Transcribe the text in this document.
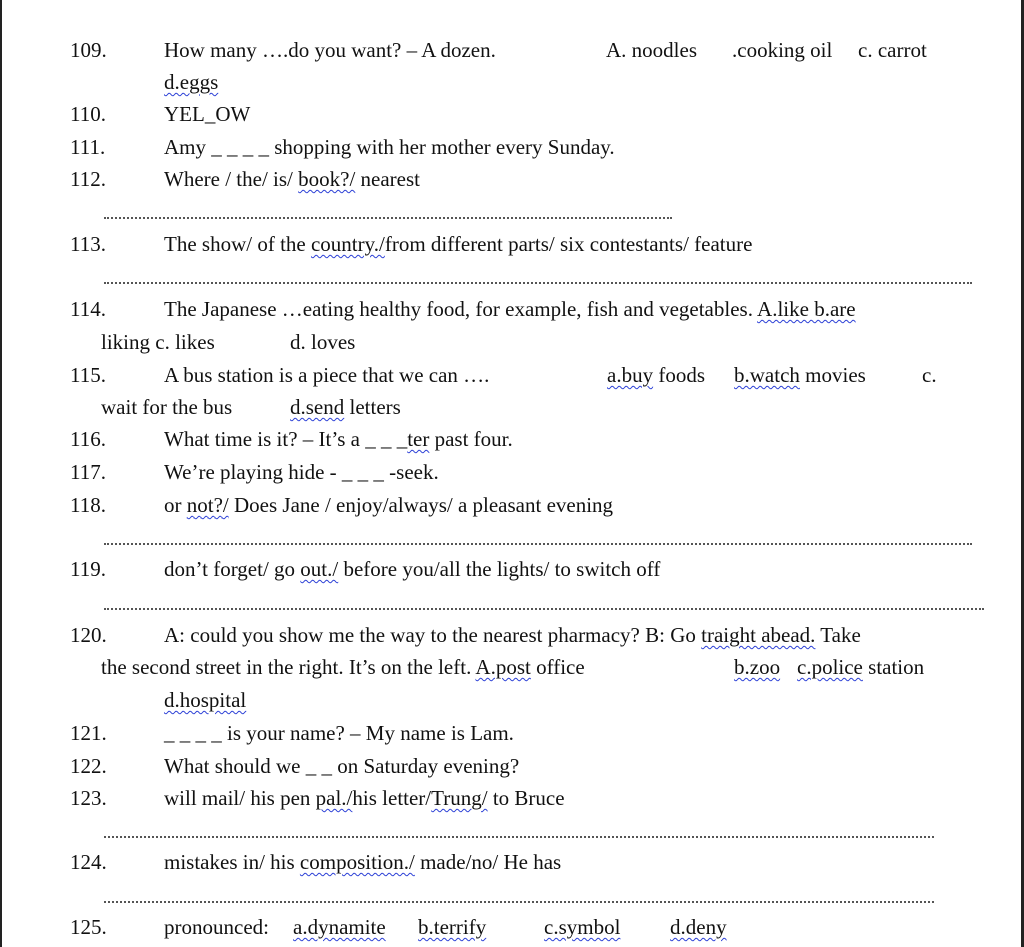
109.	How many ….do you want? – A dozen.	A. noodles .cooking oil c. carrot
d.eggs
110.	YEL_OW
111.	Amy _ _ _ _ shopping with her mother every Sunday.
112.	Where / the/ is/ book?/ nearest
113.	The show/ of the country./from different parts/ six contestants/ feature
114.	The Japanese …eating healthy food, for example, fish and vegetables. A.like b.are
liking c. likes	d. loves
115.	A bus station is a piece that we can ….	a.buy foods b.watch movies	c.
wait for the bus	d.send letters
116.	What time is it? – It’s a _ _ _ter past four.
117.	We’re playing hide - _ _ _ -seek.
118.	or not?/ Does Jane / enjoy/always/ a pleasant evening
119.	don’t forget/ go out./ before you/all the lights/ to switch off
120.	A: could you show me the way to the nearest pharmacy? B: Go traight abead. Take
the second street in the right. It’s on the left. A.post office	b.zoo c.police station
d.hospital
121.	_ _ _ _ is your name? – My name is Lam.
122.	What should we _ _ on Saturday evening?
123.	will mail/ his pen pal./his letter/Trung/ to Bruce
124.	mistakes in/ his composition./ made/no/ He has
125.	pronounced: a.dynamite b.terrify	c.symbol d.deny
